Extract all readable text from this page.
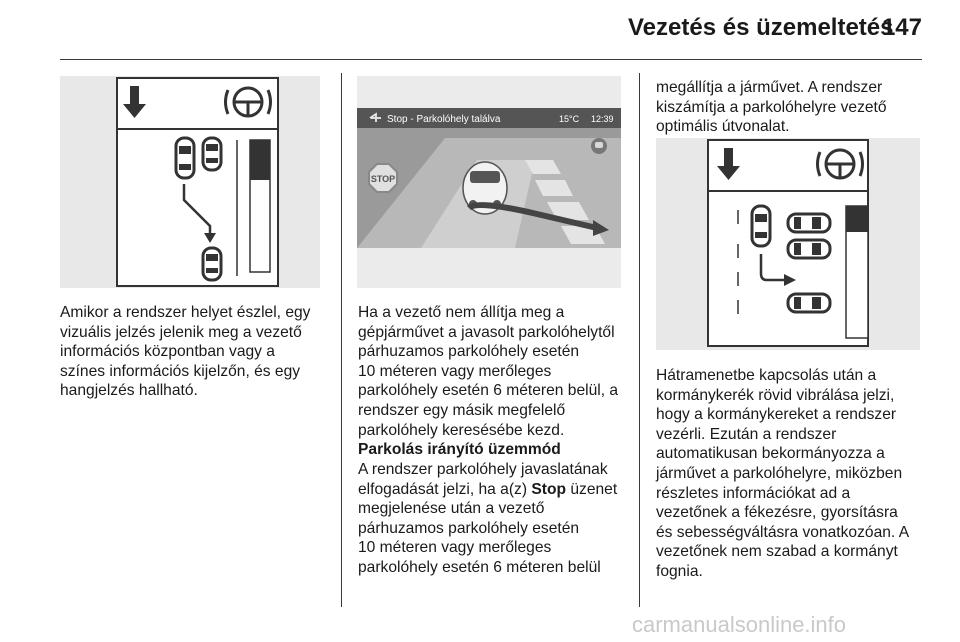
Vezetés és üzemeltetés
147
Amikor a rendszer helyet észlel, egy
vizuális jelzés jelenik meg a vezető
információs központban vagy a
színes információs kijelzőn, és egy
hangjelzés hallható.
Stop - Parkolóhely találva	15°C 12:39
STOP
Ha a vezető nem állítja meg a
gépjárművet a javasolt parkolóhelytől
párhuzamos parkolóhely esetén
10 méteren vagy merőleges
parkolóhely esetén 6 méteren belül, a
rendszer egy másik megfelelő
parkolóhely keresésébe kezd.
Parkolás irányító üzemmód
A rendszer parkolóhely javaslatának
elfogadását jelzi, ha a(z) Stop üzenet
megjelenése után a vezető
párhuzamos parkolóhely esetén
10 méteren vagy merőleges
parkolóhely esetén 6 méteren belül
megállítja a járművet. A rendszer
kiszámítja a parkolóhelyre vezető
optimális útvonalat.
Hátramenetbe kapcsolás után a
kormánykerék rövid vibrálása jelzi,
hogy a kormánykereket a rendszer
vezérli. Ezután a rendszer
automatikusan bekormányozza a
járművet a parkolóhelyre, miközben
részletes információkat ad a
vezetőnek a fékezésre, gyorsításra
és sebességváltásra vonatkozóan. A
vezetőnek nem szabad a kormányt
fognia.
carmanualsonline.info
